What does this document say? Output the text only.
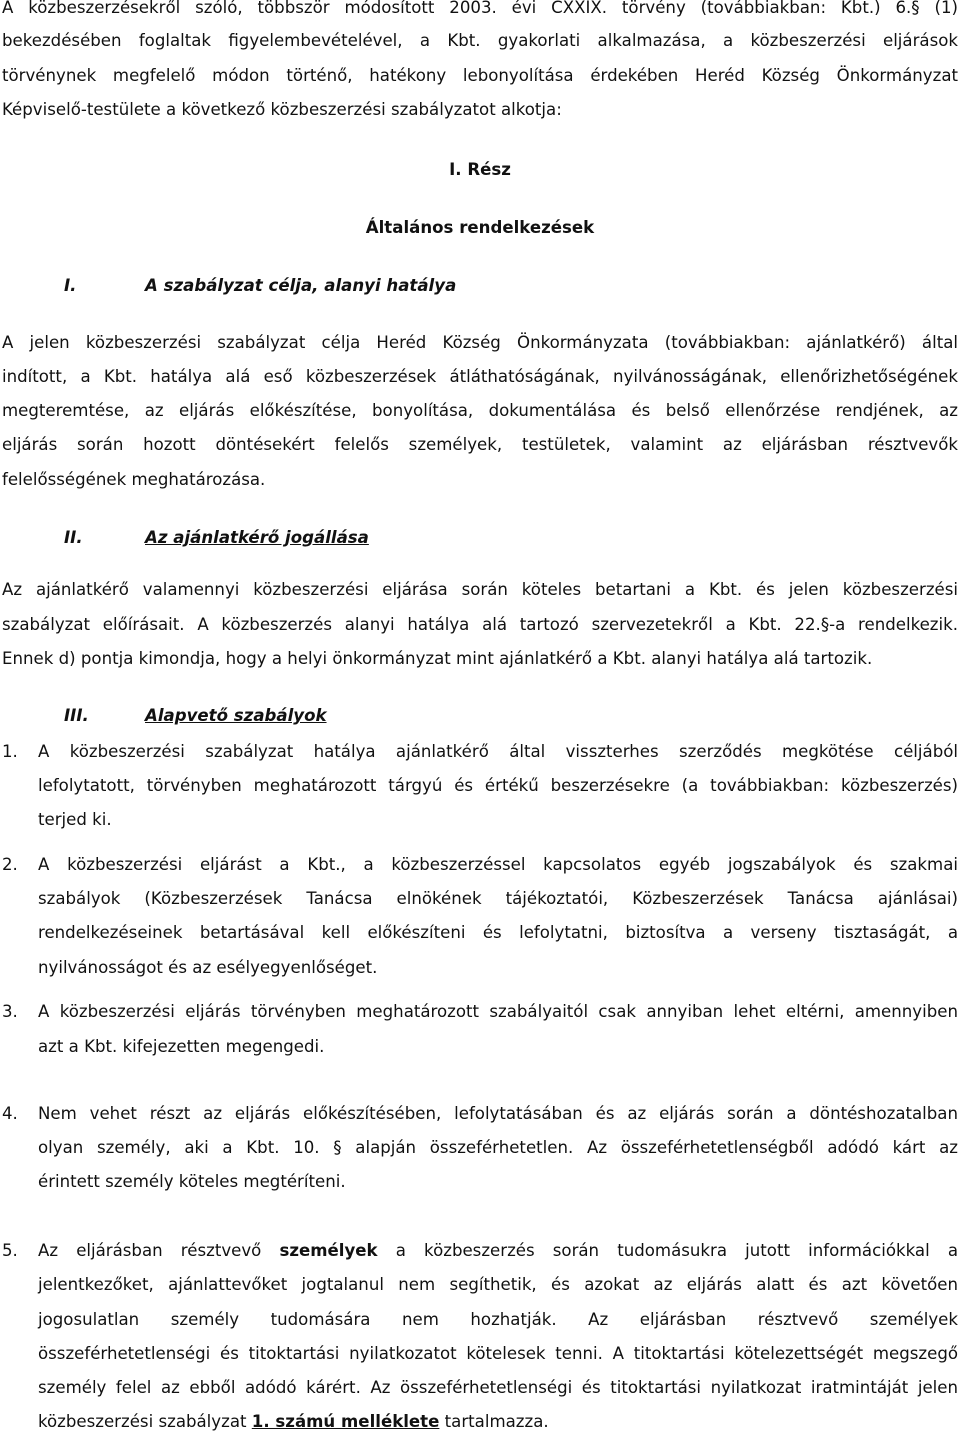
A közbeszerzésekről szóló, többször módosított 2003. évi CXXIX. törvény (továbbiakban: Kbt.) 6.§ (1)
bekezdésében foglaltak figyelembevételével, a Kbt. gyakorlati alkalmazása, a közbeszerzési eljárások
törvénynek megfelelő módon történő, hatékony lebonyolítása érdekében Heréd Község Önkormányzat
Képviselő-testülete a következő közbeszerzési szabályzatot alkotja:
I. Rész
Általános rendelkezések
I.	A szabályzat célja, alanyi hatálya
A jelen közbeszerzési szabályzat célja Heréd Község Önkormányzata (továbbiakban: ajánlatkérő) által
indított, a Kbt. hatálya alá eső közbeszerzések átláthatóságának, nyilvánosságának, ellenőrizhetőségének
megteremtése, az eljárás előkészítése, bonyolítása, dokumentálása és belső ellenőrzése rendjének, az
eljárás során hozott döntésekért felelős személyek, testületek, valamint az eljárásban résztvevők
felelősségének meghatározása.
II.	Az ajánlatkérő jogállása
Az ajánlatkérő valamennyi közbeszerzési eljárása során köteles betartani a Kbt. és jelen közbeszerzési
szabályzat előírásait. A közbeszerzés alanyi hatálya alá tartozó szervezetekről a Kbt. 22.§-a rendelkezik.
Ennek d) pontja kimondja, hogy a helyi önkormányzat mint ajánlatkérő a Kbt. alanyi hatálya alá tartozik.
III.	Alapvető szabályok
1. A közbeszerzési szabályzat hatálya ajánlatkérő által visszterhes szerződés megkötése céljából
lefolytatott, törvényben meghatározott tárgyú és értékű beszerzésekre (a továbbiakban: közbeszerzés)
terjed ki.
2. A közbeszerzési eljárást a Kbt., a közbeszerzéssel kapcsolatos egyéb jogszabályok és szakmai
szabályok (Közbeszerzések Tanácsa elnökének tájékoztatói, Közbeszerzések Tanácsa ajánlásai)
rendelkezéseinek betartásával kell előkészíteni és lefolytatni, biztosítva a verseny tisztaságát, a
nyilvánosságot és az esélyegyenlőséget.
3. A közbeszerzési eljárás törvényben meghatározott szabályaitól csak annyiban lehet eltérni, amennyiben
azt a Kbt. kifejezetten megengedi.
4. Nem vehet részt az eljárás előkészítésében, lefolytatásában és az eljárás során a döntéshozatalban
olyan személy, aki a Kbt. 10. § alapján összeférhetetlen. Az összeférhetetlenségből adódó kárt az
érintett személy köteles megtéríteni.
5. Az eljárásban résztvevő személyek a közbeszerzés során tudomásukra jutott információkkal a
jelentkezőket, ajánlattevőket jogtalanul nem segíthetik, és azokat az eljárás alatt és azt követően
jogosulatlan személy tudomására nem hozhatják. Az eljárásban résztvevő személyek
összeférhetetlenségi és titoktartási nyilatkozatot kötelesek tenni. A titoktartási kötelezettségét megszegő
személy felel az ebből adódó kárért. Az összeférhetetlenségi és titoktartási nyilatkozat iratmintáját jelen
közbeszerzési szabályzat 1. számú melléklete tartalmazza.
